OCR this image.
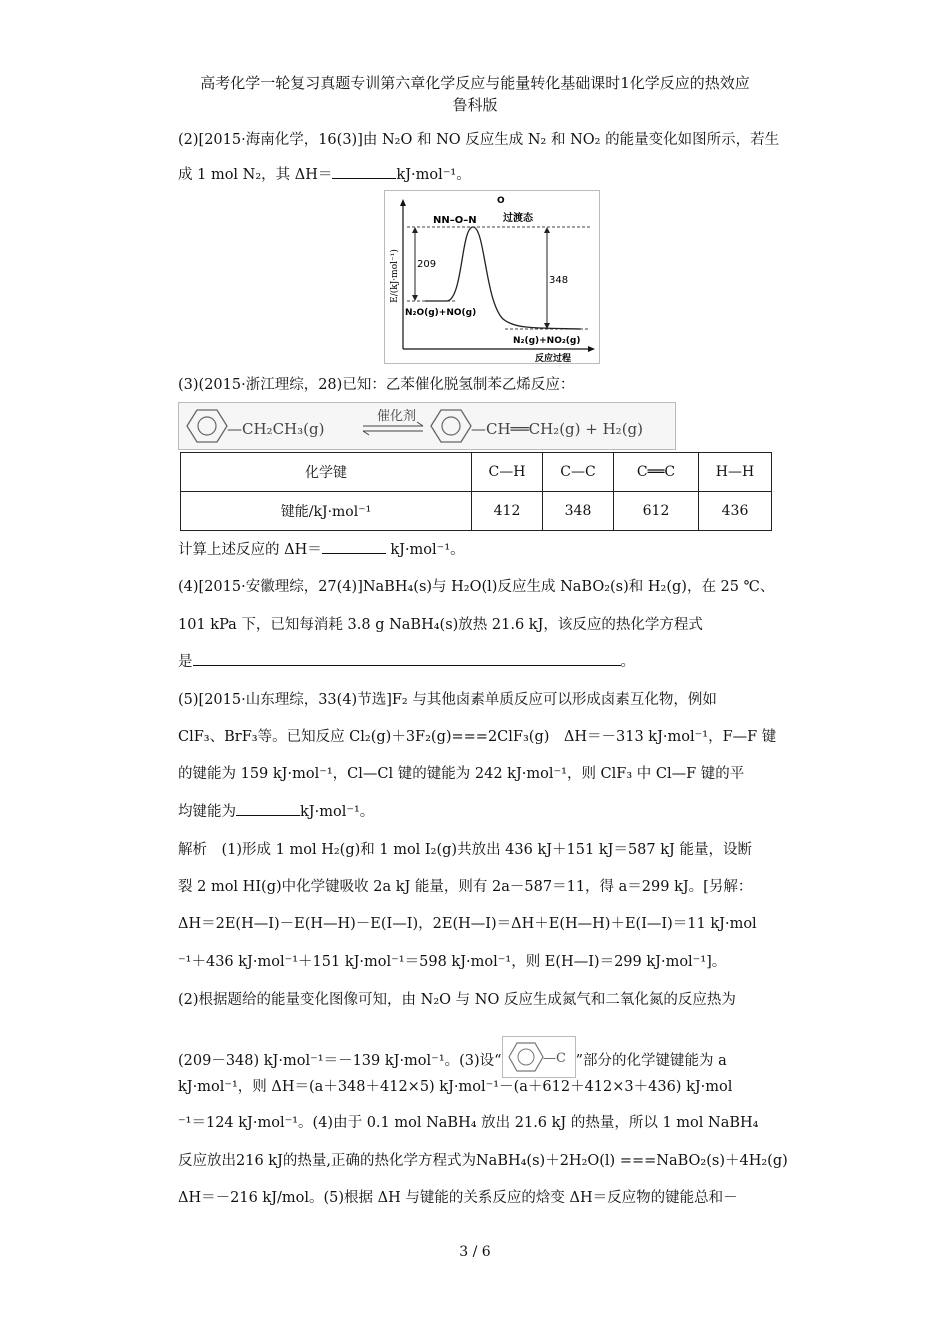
高考化学一轮复习真题专训第六章化学反应与能量转化基础课时1化学反应的热效应
鲁科版
(2)[2015·海南化学，16(3)]由 N₂O 和 NO 反应生成 N₂ 和 NO₂ 的能量变化如图所示，若生
成 1 mol N₂，其 ΔH＝	kJ·mol⁻¹。
E/(kJ·mol⁻¹) 209
348
NN–O–N
O
过渡态
N₂O(g)+NO(g)
N₂(g)+NO₂(g)
反应过程
(3)(2015·浙江理综，28)已知：乙苯催化脱氢制苯乙烯反应：
—CH₂CH₃(g)
催化剂
—CH══CH₂(g) + H₂(g)
化学键	C—H	C—C	C══C	H—H
键能/kJ·mol⁻¹	412	348	612	436
计算上述反应的 ΔH＝	kJ·mol⁻¹。
(4)[2015·安徽理综，27(4)]NaBH₄(s)与 H₂O(l)反应生成 NaBO₂(s)和 H₂(g)，在 25 ℃、
101 kPa 下，已知每消耗 3.8 g NaBH₄(s)放热 21.6 kJ，该反应的热化学方程式
是	。
(5)[2015·山东理综，33(4)节选]F₂ 与其他卤素单质反应可以形成卤素互化物，例如
ClF₃、BrF₃等。已知反应 Cl₂(g)＋3F₂(g)===2ClF₃(g)　ΔH＝－313 kJ·mol⁻¹，F—F 键
的键能为 159 kJ·mol⁻¹，Cl—Cl 键的键能为 242 kJ·mol⁻¹，则 ClF₃ 中 Cl—F 键的平
均键能为	kJ·mol⁻¹。
解析　(1)形成 1 mol H₂(g)和 1 mol I₂(g)共放出 436 kJ＋151 kJ＝587 kJ 能量，设断
裂 2 mol HI(g)中化学键吸收 2a kJ 能量，则有 2a－587＝11，得 a＝299 kJ。[另解：
ΔH＝2E(H—I)－E(H—H)－E(I—I)，2E(H—I)＝ΔH＋E(H—H)＋E(I—I)＝11 kJ·mol
⁻¹＋436 kJ·mol⁻¹＋151 kJ·mol⁻¹＝598 kJ·mol⁻¹，则 E(H—I)＝299 kJ·mol⁻¹]。
(2)根据题给的能量变化图像可知，由 N₂O 与 NO 反应生成氮气和二氧化氮的反应热为
(209－348) kJ·mol⁻¹＝－139 kJ·mol⁻¹。(3)设“	—C ”部分的化学键键能为 a
kJ·mol⁻¹，则 ΔH＝(a＋348＋412×5) kJ·mol⁻¹－(a＋612＋412×3＋436) kJ·mol
⁻¹＝124 kJ·mol⁻¹。(4)由于 0.1 mol NaBH₄ 放出 21.6 kJ 的热量，所以 1 mol NaBH₄
反应放出216 kJ的热量,正确的热化学方程式为NaBH₄(s)＋2H₂O(l) ===NaBO₂(s)＋4H₂(g)
ΔH＝－216 kJ/mol。(5)根据 ΔH 与键能的关系反应的焓变 ΔH＝反应物的键能总和－
3 / 6
